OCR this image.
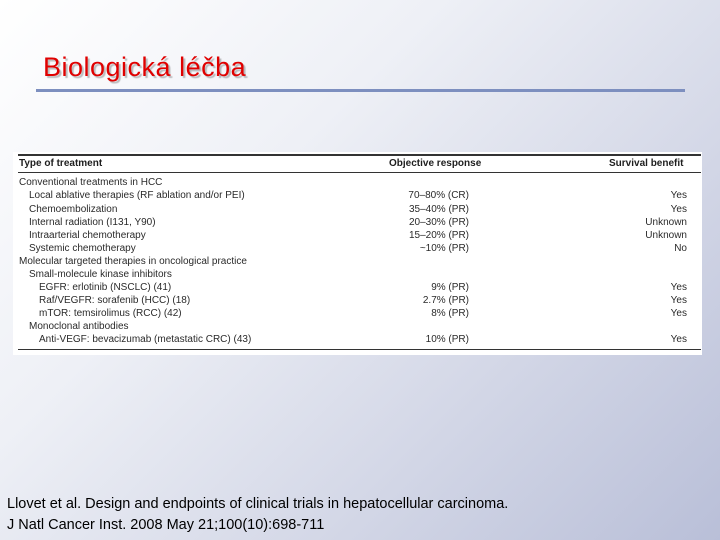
Biologická léčba
Type of treatment	Objective response	Survival benefit
Conventional treatments in HCC
Local ablative therapies (RF ablation and/or PEI)	70–80% (CR)	Yes
Chemoembolization	35–40% (PR)	Yes
Internal radiation (I131, Y90)	20–30% (PR)	Unknown
Intraarterial chemotherapy	15–20% (PR)	Unknown
Systemic chemotherapy	~10% (PR)	No
Molecular targeted therapies in oncological practice
Small-molecule kinase inhibitors
EGFR: erlotinib (NSCLC) (41)	9% (PR)	Yes
Raf/VEGFR: sorafenib (HCC) (18)	2.7% (PR)	Yes
mTOR: temsirolimus (RCC) (42)	8% (PR)	Yes
Monoclonal antibodies
Anti-VEGF: bevacizumab (metastatic CRC) (43)	10% (PR)	Yes
Llovet et al. Design and endpoints of clinical trials in hepatocellular carcinoma.
J Natl Cancer Inst. 2008 May 21;100(10):698-711
